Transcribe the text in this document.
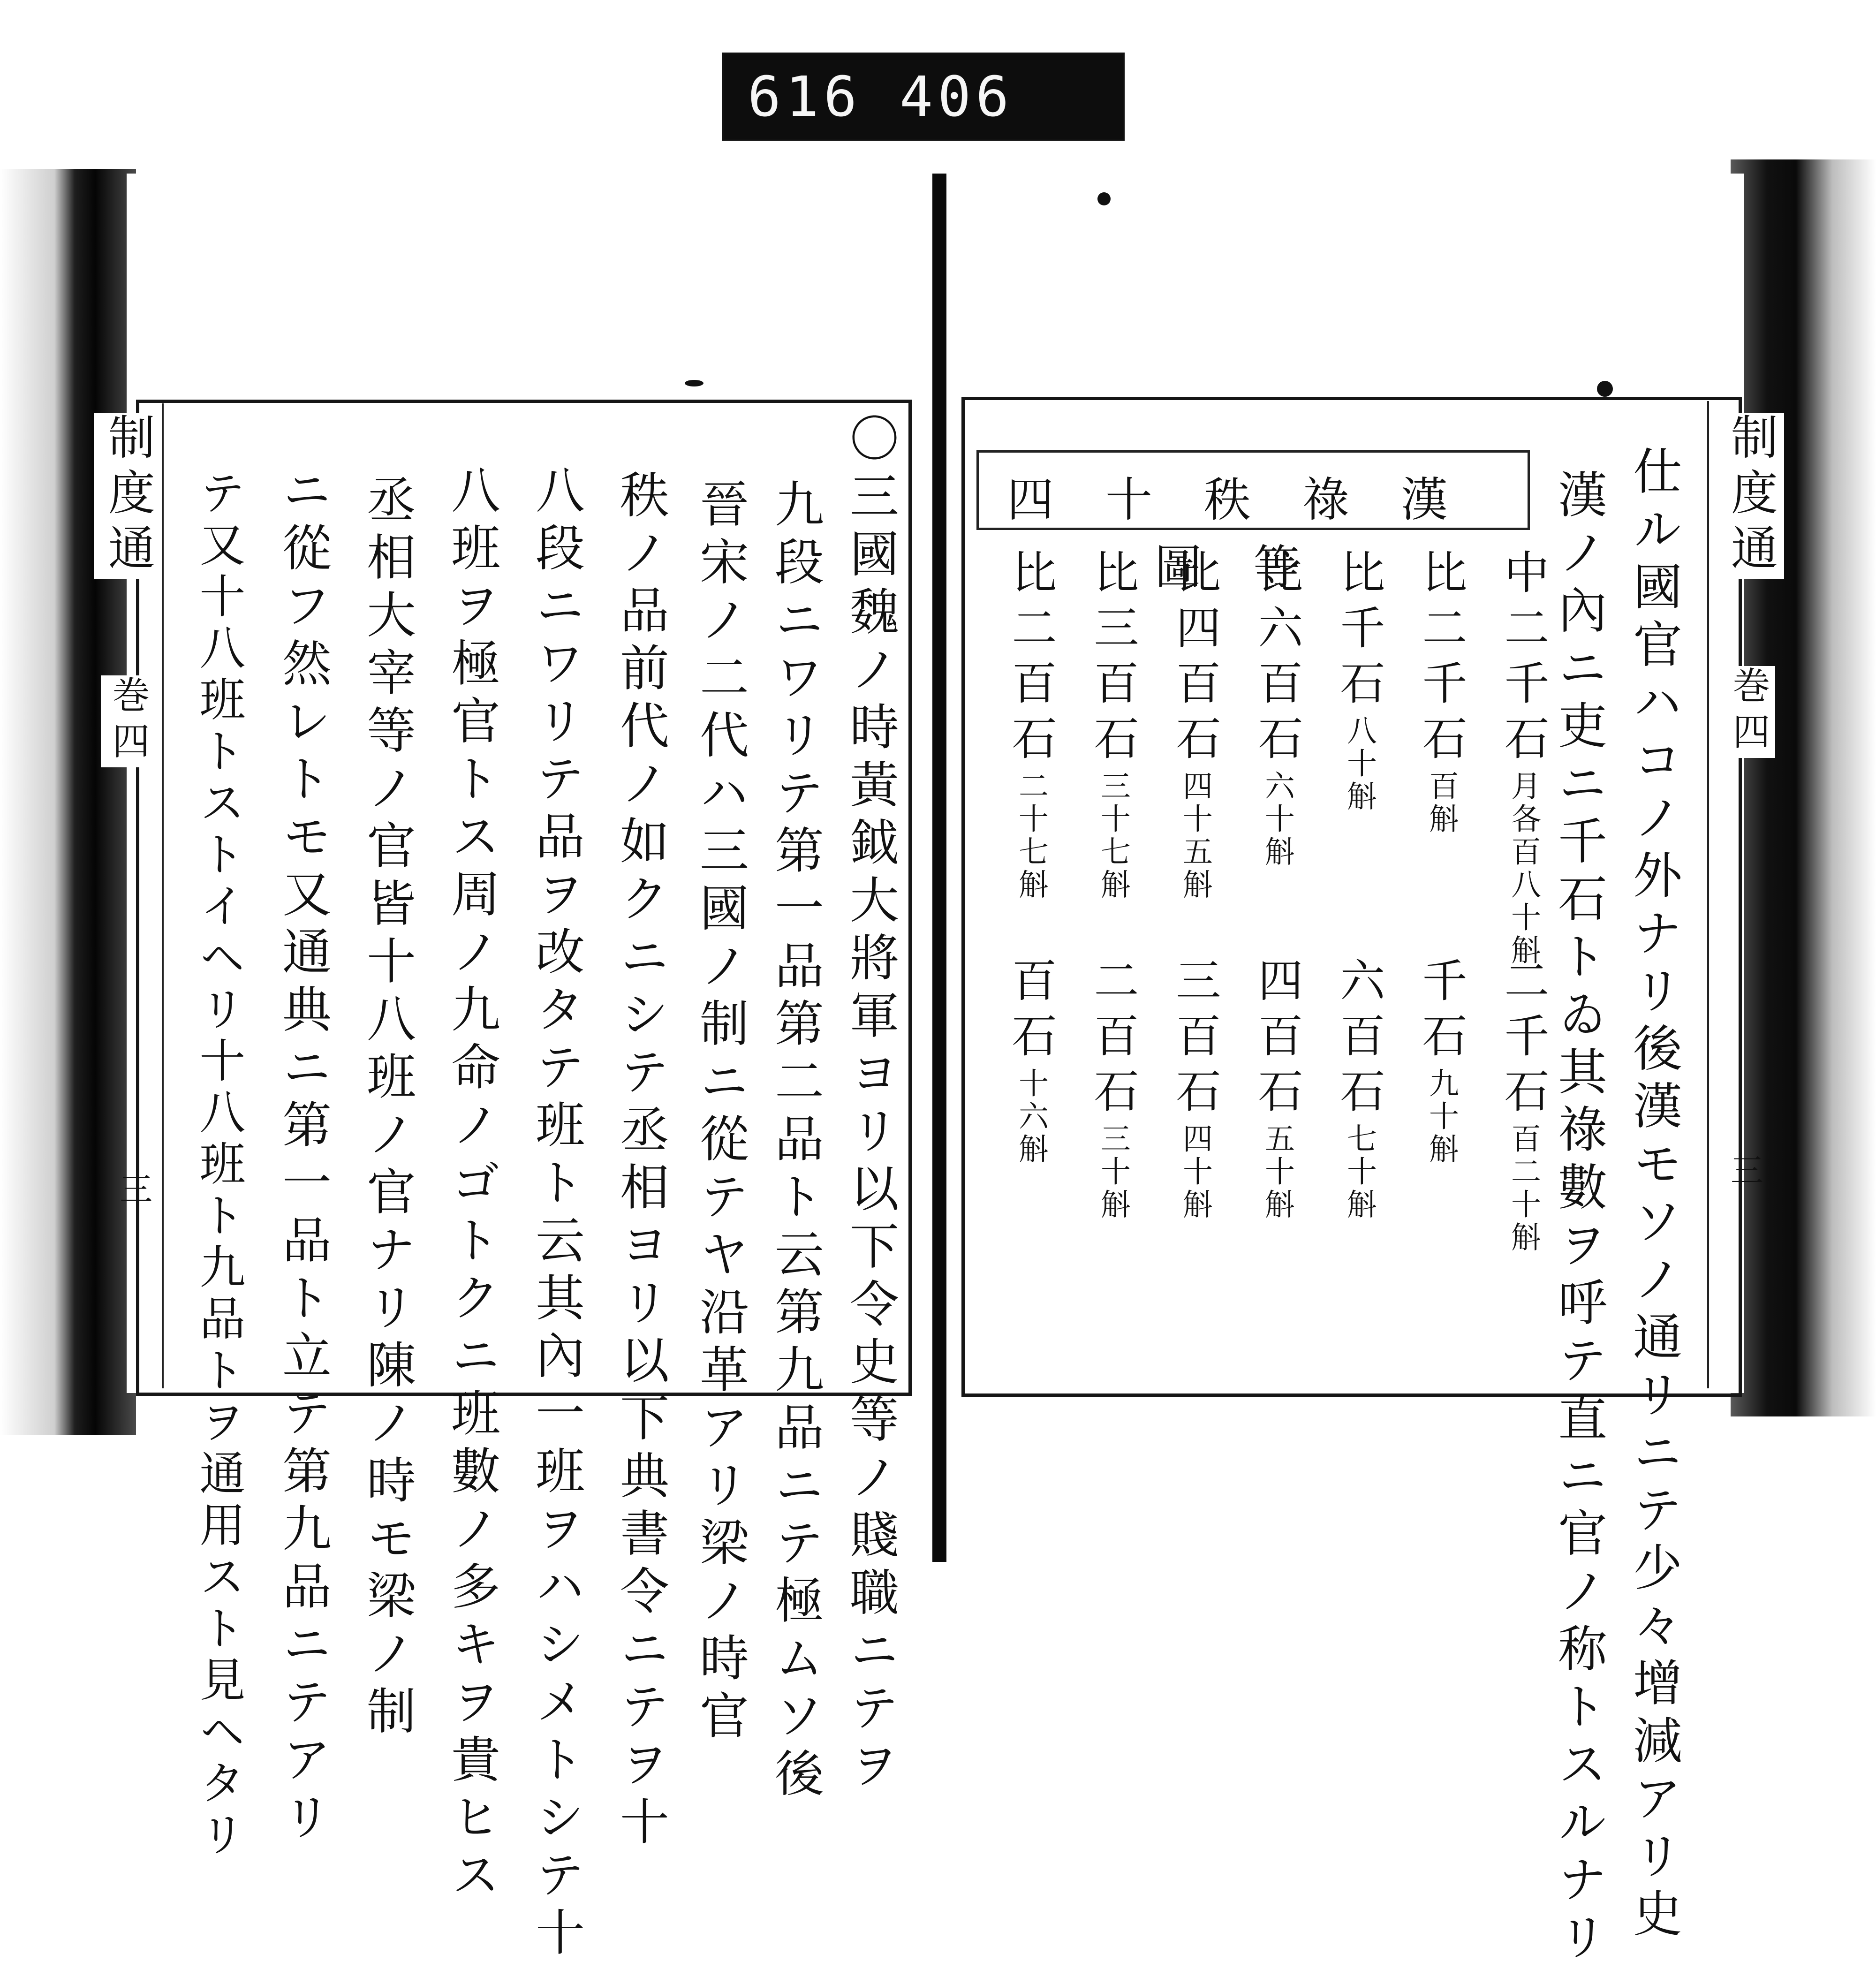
616 406
制度通
巻四
三
制度通
巻四
三
〇三國魏ノ時黃鉞大將軍ヨリ以下令史等ノ賤職ニテヲ
九段ニワリテ第一品第二品ト云第九品ニテ極ムソ後
晉宋ノ二代ハ三國ノ制ニ從テヤ沿革アリ梁ノ時官
秩ノ品前代ノ如クニシテ丞相ヨリ以下典書令ニテヲ十
八段ニワリテ品ヲ改タテ班ト云其內一班ヲハシメトシテ十
八班ヲ極官トス周ノ九命ノゴトクニ班數ノ多キヲ貴ヒス
丞相大宰等ノ官皆十八班ノ官ナリ陳ノ時モ梁ノ制
ニ從フ然レトモ又通典ニ第一品ト立テ第九品ニテアリ
テ又十八班トストイヘリ十八班ト九品トヲ通用スト見ヘタリ	仕ル國官ハコノ外ナリ後漢モソノ通リニテ少々增減アリ史
漢ノ內ニ吏ニ千石トゐ其祿數ヲ呼テ直ニ官ノ称トスルナリ
漢祿秩十四等圖	中二千石月各百八十斛
比二千石百斛
比千石八十斛
比六百石六十斛
比四百石四十五斛
比三百石三十七斛
比二百石二十七斛
二千石百二十斛
千石九十斛
六百石七十斛
四百石五十斛
三百石四十斛
二百石三十斛
百石十六斛
